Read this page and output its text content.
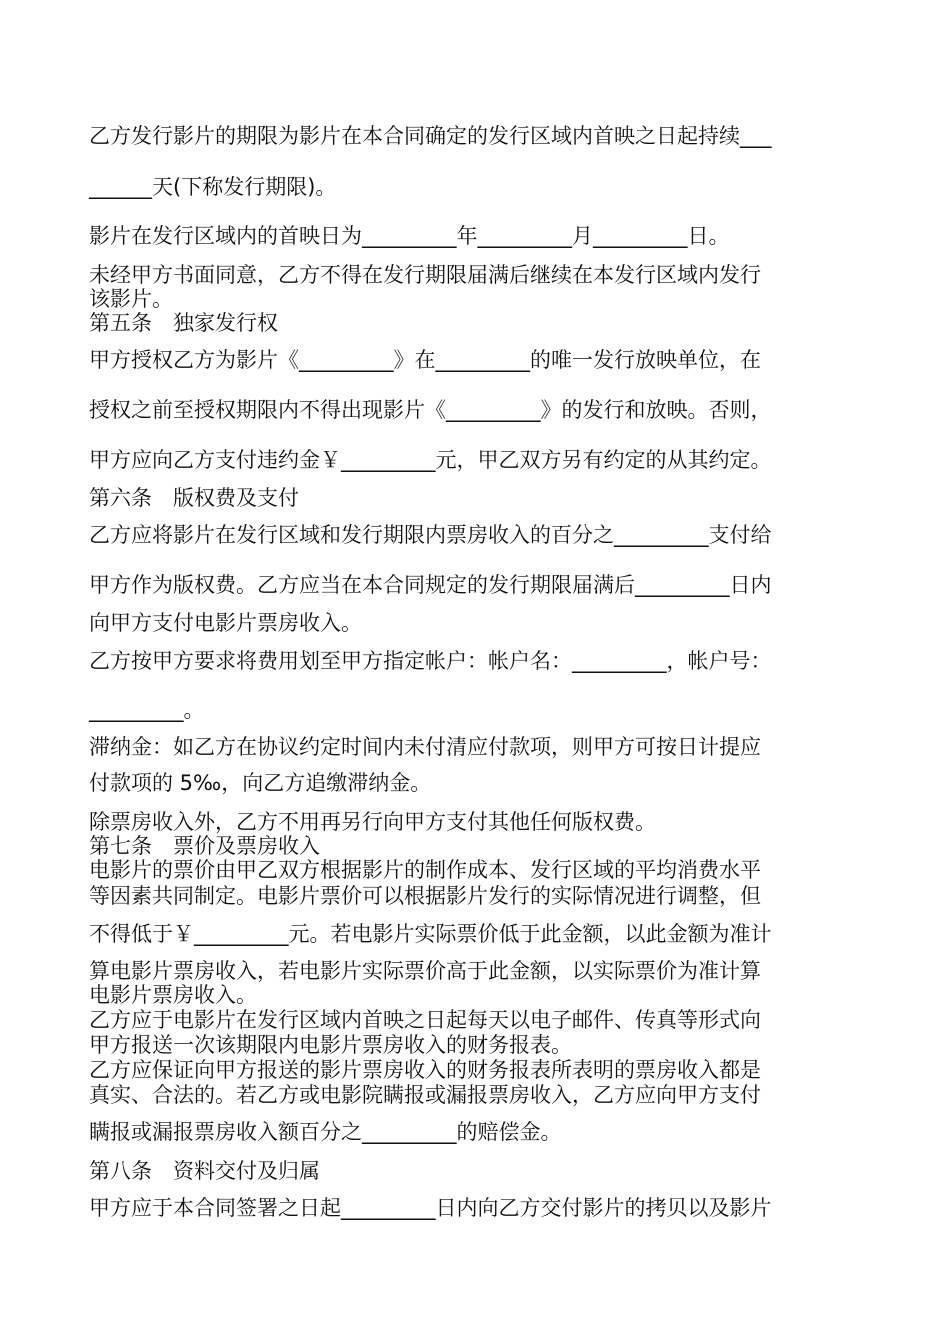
乙方发行影片的期限为影片在本合同确定的发行区域内首映之日起持续___

______天(下称发行期限)。

影片在发行区域内的首映日为_________年_________月_________日。

未经甲方书面同意，乙方不得在发行期限届满后继续在本发行区域内发行

该影片。

第五条　独家发行权

甲方授权乙方为影片《_________》在_________的唯一发行放映单位，在

授权之前至授权期限内不得出现影片《_________》的发行和放映。否则，

甲方应向乙方支付违约金￥_________元，甲乙双方另有约定的从其约定。

第六条　版权费及支付

乙方应将影片在发行区域和发行期限内票房收入的百分之_________支付给

甲方作为版权费。乙方应当在本合同规定的发行期限届满后_________日内

向甲方支付电影片票房收入。

乙方按甲方要求将费用划至甲方指定帐户：帐户名：_________，帐户号：

_________。

滞纳金：如乙方在协议约定时间内未付清应付款项，则甲方可按日计提应

付款项的 5‰，向乙方追缴滞纳金。

除票房收入外，乙方不用再另行向甲方支付其他任何版权费。

第七条　票价及票房收入

电影片的票价由甲乙双方根据影片的制作成本、发行区域的平均消费水平

等因素共同制定。电影片票价可以根据影片发行的实际情况进行调整，但

不得低于￥_________元。若电影片实际票价低于此金额，以此金额为准计

算电影片票房收入，若电影片实际票价高于此金额，以实际票价为准计算

电影片票房收入。

乙方应于电影片在发行区域内首映之日起每天以电子邮件、传真等形式向

甲方报送一次该期限内电影片票房收入的财务报表。

乙方应保证向甲方报送的影片票房收入的财务报表所表明的票房收入都是

真实、合法的。若乙方或电影院瞒报或漏报票房收入，乙方应向甲方支付

瞒报或漏报票房收入额百分之_________的赔偿金。

第八条　资料交付及归属

甲方应于本合同签署之日起_________日内向乙方交付影片的拷贝以及影片
